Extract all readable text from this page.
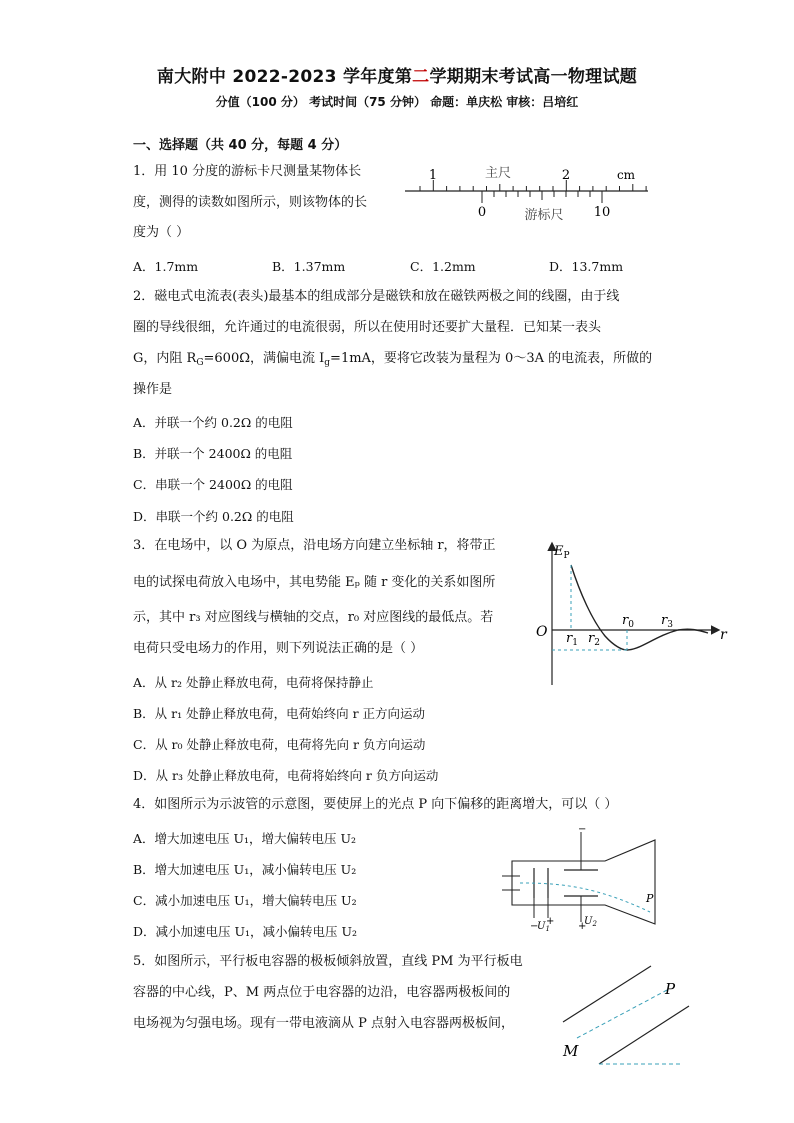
南大附中 2022-2023 学年度第二学期期末考试高一物理试题
分值（100 分） 考试时间（75 分钟） 命题：单庆松 审核：吕培红
一、选择题（共 40 分，每题 4 分）
1．用 10 分度的游标卡尺测量某物体长
度，测得的读数如图所示，则该物体的长
度为（ ）
A．1.7mm	B．1.37mm	C．1.2mm	D．13.7mm
1	2
主尺	cm
0	游标尺 10
2．磁电式电流表(表头)最基本的组成部分是磁铁和放在磁铁两极之间的线圈，由于线
圈的导线很细，允许通过的电流很弱，所以在使用时还要扩大量程．已知某一表头
G，内阻 $R_G=600\Omega$，满偏电流 $I_g=1mA$，要将它改装为量程为 0～3A 的电流表，所做的
操作是
A．并联一个约 0.2Ω 的电阻
B．并联一个 2400Ω 的电阻
C．串联一个 2400Ω 的电阻
D．串联一个约 0.2Ω 的电阻
3．在电场中，以 O 为原点，沿电场方向建立坐标轴 r，将带正
电的试探电荷放入电场中，其电势能 Eₚ 随 r 变化的关系如图所
示，其中 r₃ 对应图线与横轴的交点，r₀ 对应图线的最低点。若
电荷只受电场力的作用，则下列说法正确的是（ ）
A．从 r₂ 处静止释放电荷，电荷将保持静止
B．从 r₁ 处静止释放电荷，电荷始终向 r 正方向运动
C．从 r₀ 处静止释放电荷，电荷将先向 r 负方向运动
D．从 r₃ 处静止释放电荷，电荷将始终向 r 负方向运动
$E_P$
O	r
$r_1$ $r_2$
$r_0$ $r_3$
4．如图所示为示波管的示意图，要使屏上的光点 P 向下偏移的距离增大，可以（ ）
A．增大加速电压 U₁，增大偏转电压 U₂
B．增大加速电压 U₁，减小偏转电压 U₂
C．减小加速电压 U₁，增大偏转电压 U₂
D．减小加速电压 U₁，减小偏转电压 U₂
−
P
−
$U_1$
+ +
$U_2$
5．如图所示，平行板电容器的极板倾斜放置，直线 PM 为平行板电
容器的中心线，P、M 两点位于电容器的边沿，电容器两极板间的
电场视为匀强电场。现有一带电液滴从 P 点射入电容器两极板间，
P
M
